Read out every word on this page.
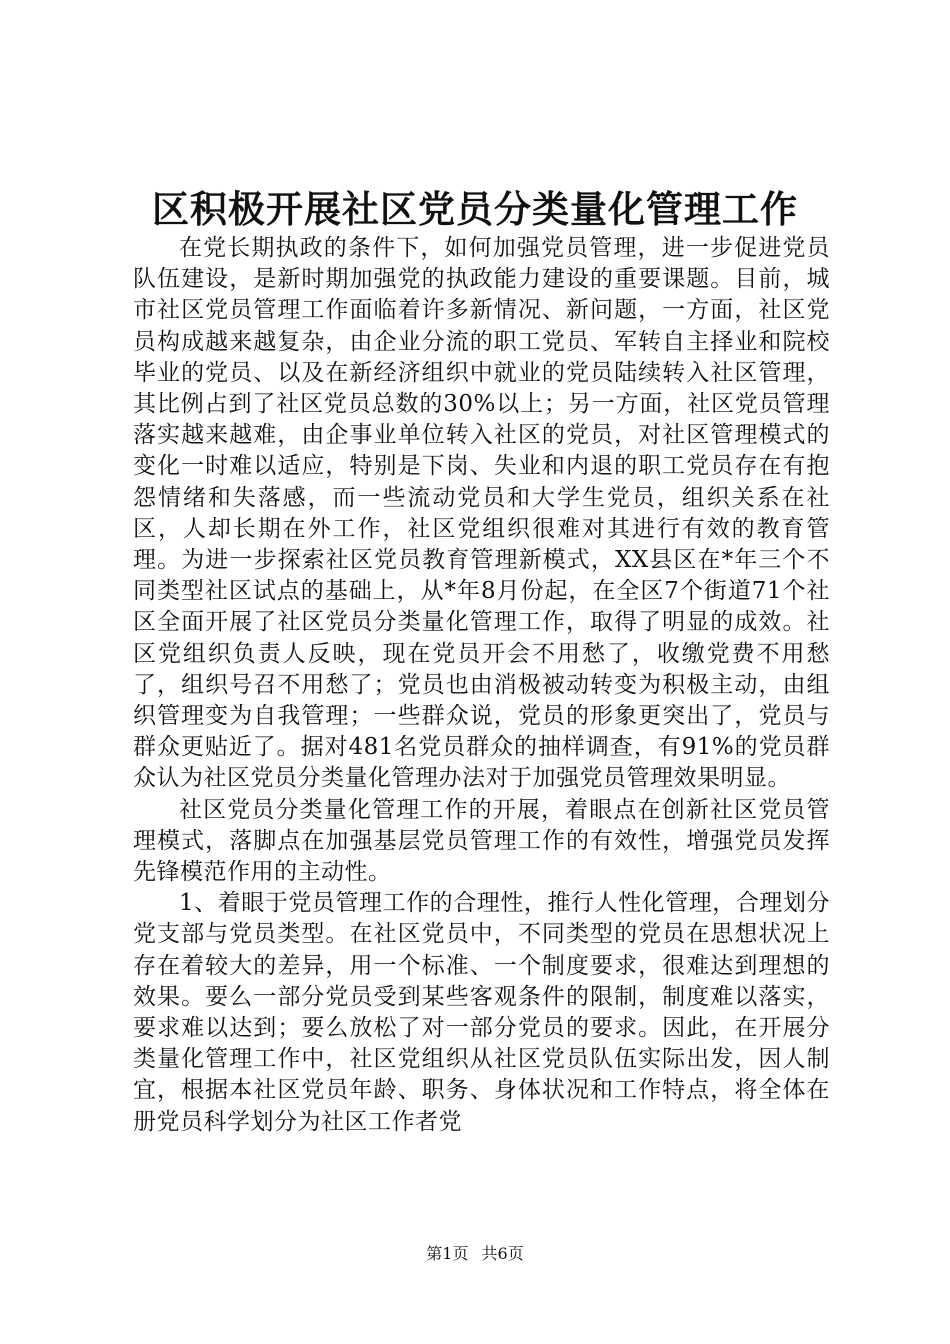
区积极开展社区党员分类量化管理工作

在党长期执政的条件下，如何加强党员管理，进一步促进党员队伍建设，是新时期加强党的执政能力建设的重要课题。目前，城市社区党员管理工作面临着许多新情况、新问题，一方面，社区党员构成越来越复杂，由企业分流的职工党员、军转自主择业和院校毕业的党员、以及在新经济组织中就业的党员陆续转入社区管理，其比例占到了社区党员总数的30%以上；另一方面，社区党员管理落实越来越难，由企事业单位转入社区的党员，对社区管理模式的变化一时难以适应，特别是下岗、失业和内退的职工党员存在有抱怨情绪和失落感，而一些流动党员和大学生党员，组织关系在社区，人却长期在外工作，社区党组织很难对其进行有效的教育管理。为进一步探索社区党员教育管理新模式，XX县区在*年三个不同类型社区试点的基础上，从*年8月份起，在全区7个街道71个社区全面开展了社区党员分类量化管理工作，取得了明显的成效。社区党组织负责人反映，现在党员开会不用愁了，收缴党费不用愁了，组织号召不用愁了；党员也由消极被动转变为积极主动，由组织管理变为自我管理；一些群众说，党员的形象更突出了，党员与群众更贴近了。据对481名党员群众的抽样调查，有91%的党员群众认为社区党员分类量化管理办法对于加强党员管理效果明显。

社区党员分类量化管理工作的开展，着眼点在创新社区党员管理模式，落脚点在加强基层党员管理工作的有效性，增强党员发挥先锋模范作用的主动性。

1、着眼于党员管理工作的合理性，推行人性化管理，合理划分党支部与党员类型。在社区党员中，不同类型的党员在思想状况上存在着较大的差异，用一个标准、一个制度要求，很难达到理想的效果。要么一部分党员受到某些客观条件的限制，制度难以落实，要求难以达到；要么放松了对一部分党员的要求。因此，在开展分类量化管理工作中，社区党组织从社区党员队伍实际出发，因人制宜，根据本社区党员年龄、职务、身体状况和工作特点，将全体在册党员科学划分为社区工作者党

第1页 共6页
